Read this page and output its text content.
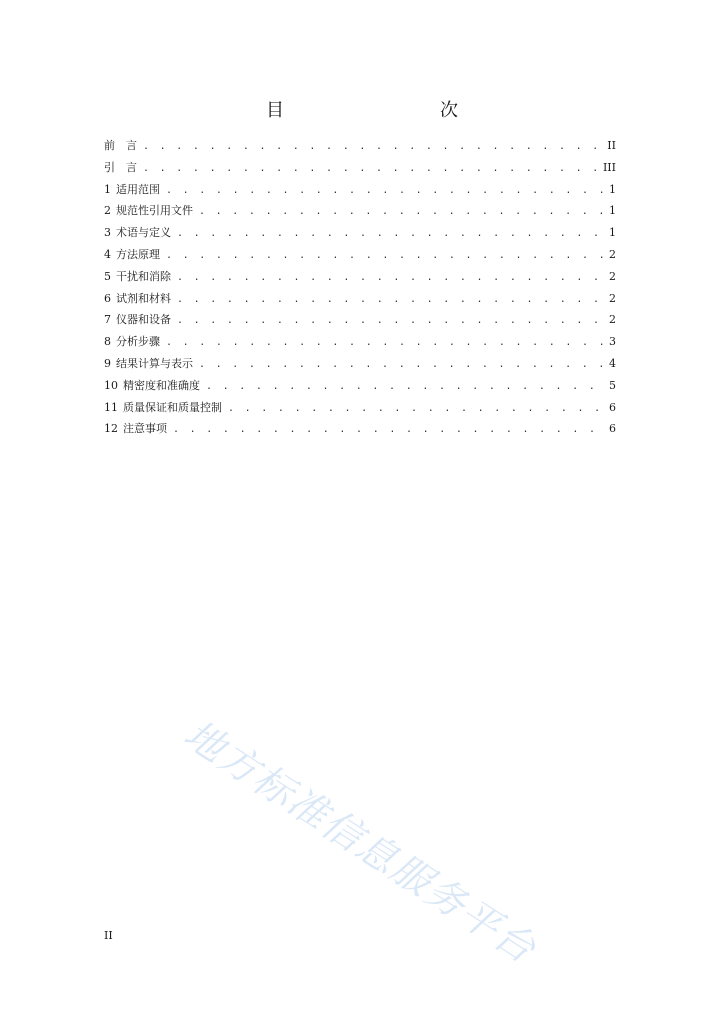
目　　次
前　言 . . .	II
引　言 . . .	III
1 适用范围 . . .	1
2 规范性引用文件 . . .	1
3 术语与定义 . . .	1
4 方法原理 . . .	2
5 干扰和消除 . . .	2
6 试剂和材料 . . .	2
7 仪器和设备 . . .	2
8 分析步骤 . . .	3
9 结果计算与表示 . . .	4
10 精密度和准确度 . . .	5
11 质量保证和质量控制 . . .	6
12 注意事项 . . .	6
地方标准信息服务平台
II
